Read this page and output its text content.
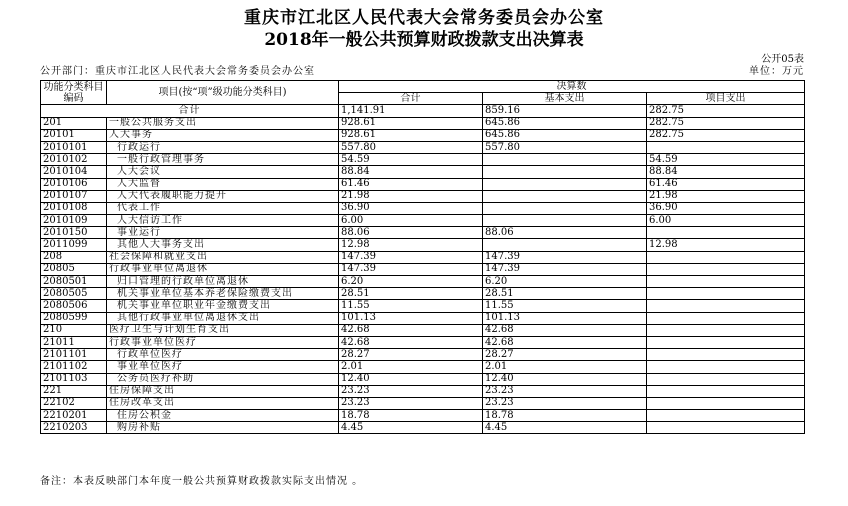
重庆市江北区人民代表大会常务委员会办公室
2018年一般公共预算财政拨款支出决算表
公开05表
公开部门：重庆市江北区人民代表大会常务委员会办公室	单位：万元
功能分类科目编码	项目(按“项”级功能分类科目)	决算数		
		合计	基本支出	项目支出
合计		1,141.91	859.16	282.75
201	一般公共服务支出	928.61	645.86	282.75
20101	人大事务	928.61	645.86	282.75
2010101	行政运行	557.80	557.80	
2010102	一般行政管理事务	54.59		54.59
2010104	人大会议	88.84		88.84
2010106	人大监督	61.46		61.46
2010107	人大代表履职能力提升	21.98		21.98
2010108	代表工作	36.90		36.90
2010109	人大信访工作	6.00		6.00
2010150	事业运行	88.06	88.06	
2011099	其他人大事务支出	12.98		12.98
208	社会保障和就业支出	147.39	147.39	
20805	行政事业单位离退休	147.39	147.39	
2080501	归口管理的行政单位离退休	6.20	6.20	
2080505	机关事业单位基本养老保险缴费支出	28.51	28.51	
2080506	机关事业单位职业年金缴费支出	11.55	11.55	
2080599	其他行政事业单位离退休支出	101.13	101.13	
210	医疗卫生与计划生育支出	42.68	42.68	
21011	行政事业单位医疗	42.68	42.68	
2101101	行政单位医疗	28.27	28.27	
2101102	事业单位医疗	2.01	2.01	
2101103	公务员医疗补助	12.40	12.40	
221	住房保障支出	23.23	23.23	
22102	住房改革支出	23.23	23.23	
2210201	住房公积金	18.78	18.78	
2210203	购房补贴	4.45	4.45	
备注：本表反映部门本年度一般公共预算财政拨款实际支出情况 。
